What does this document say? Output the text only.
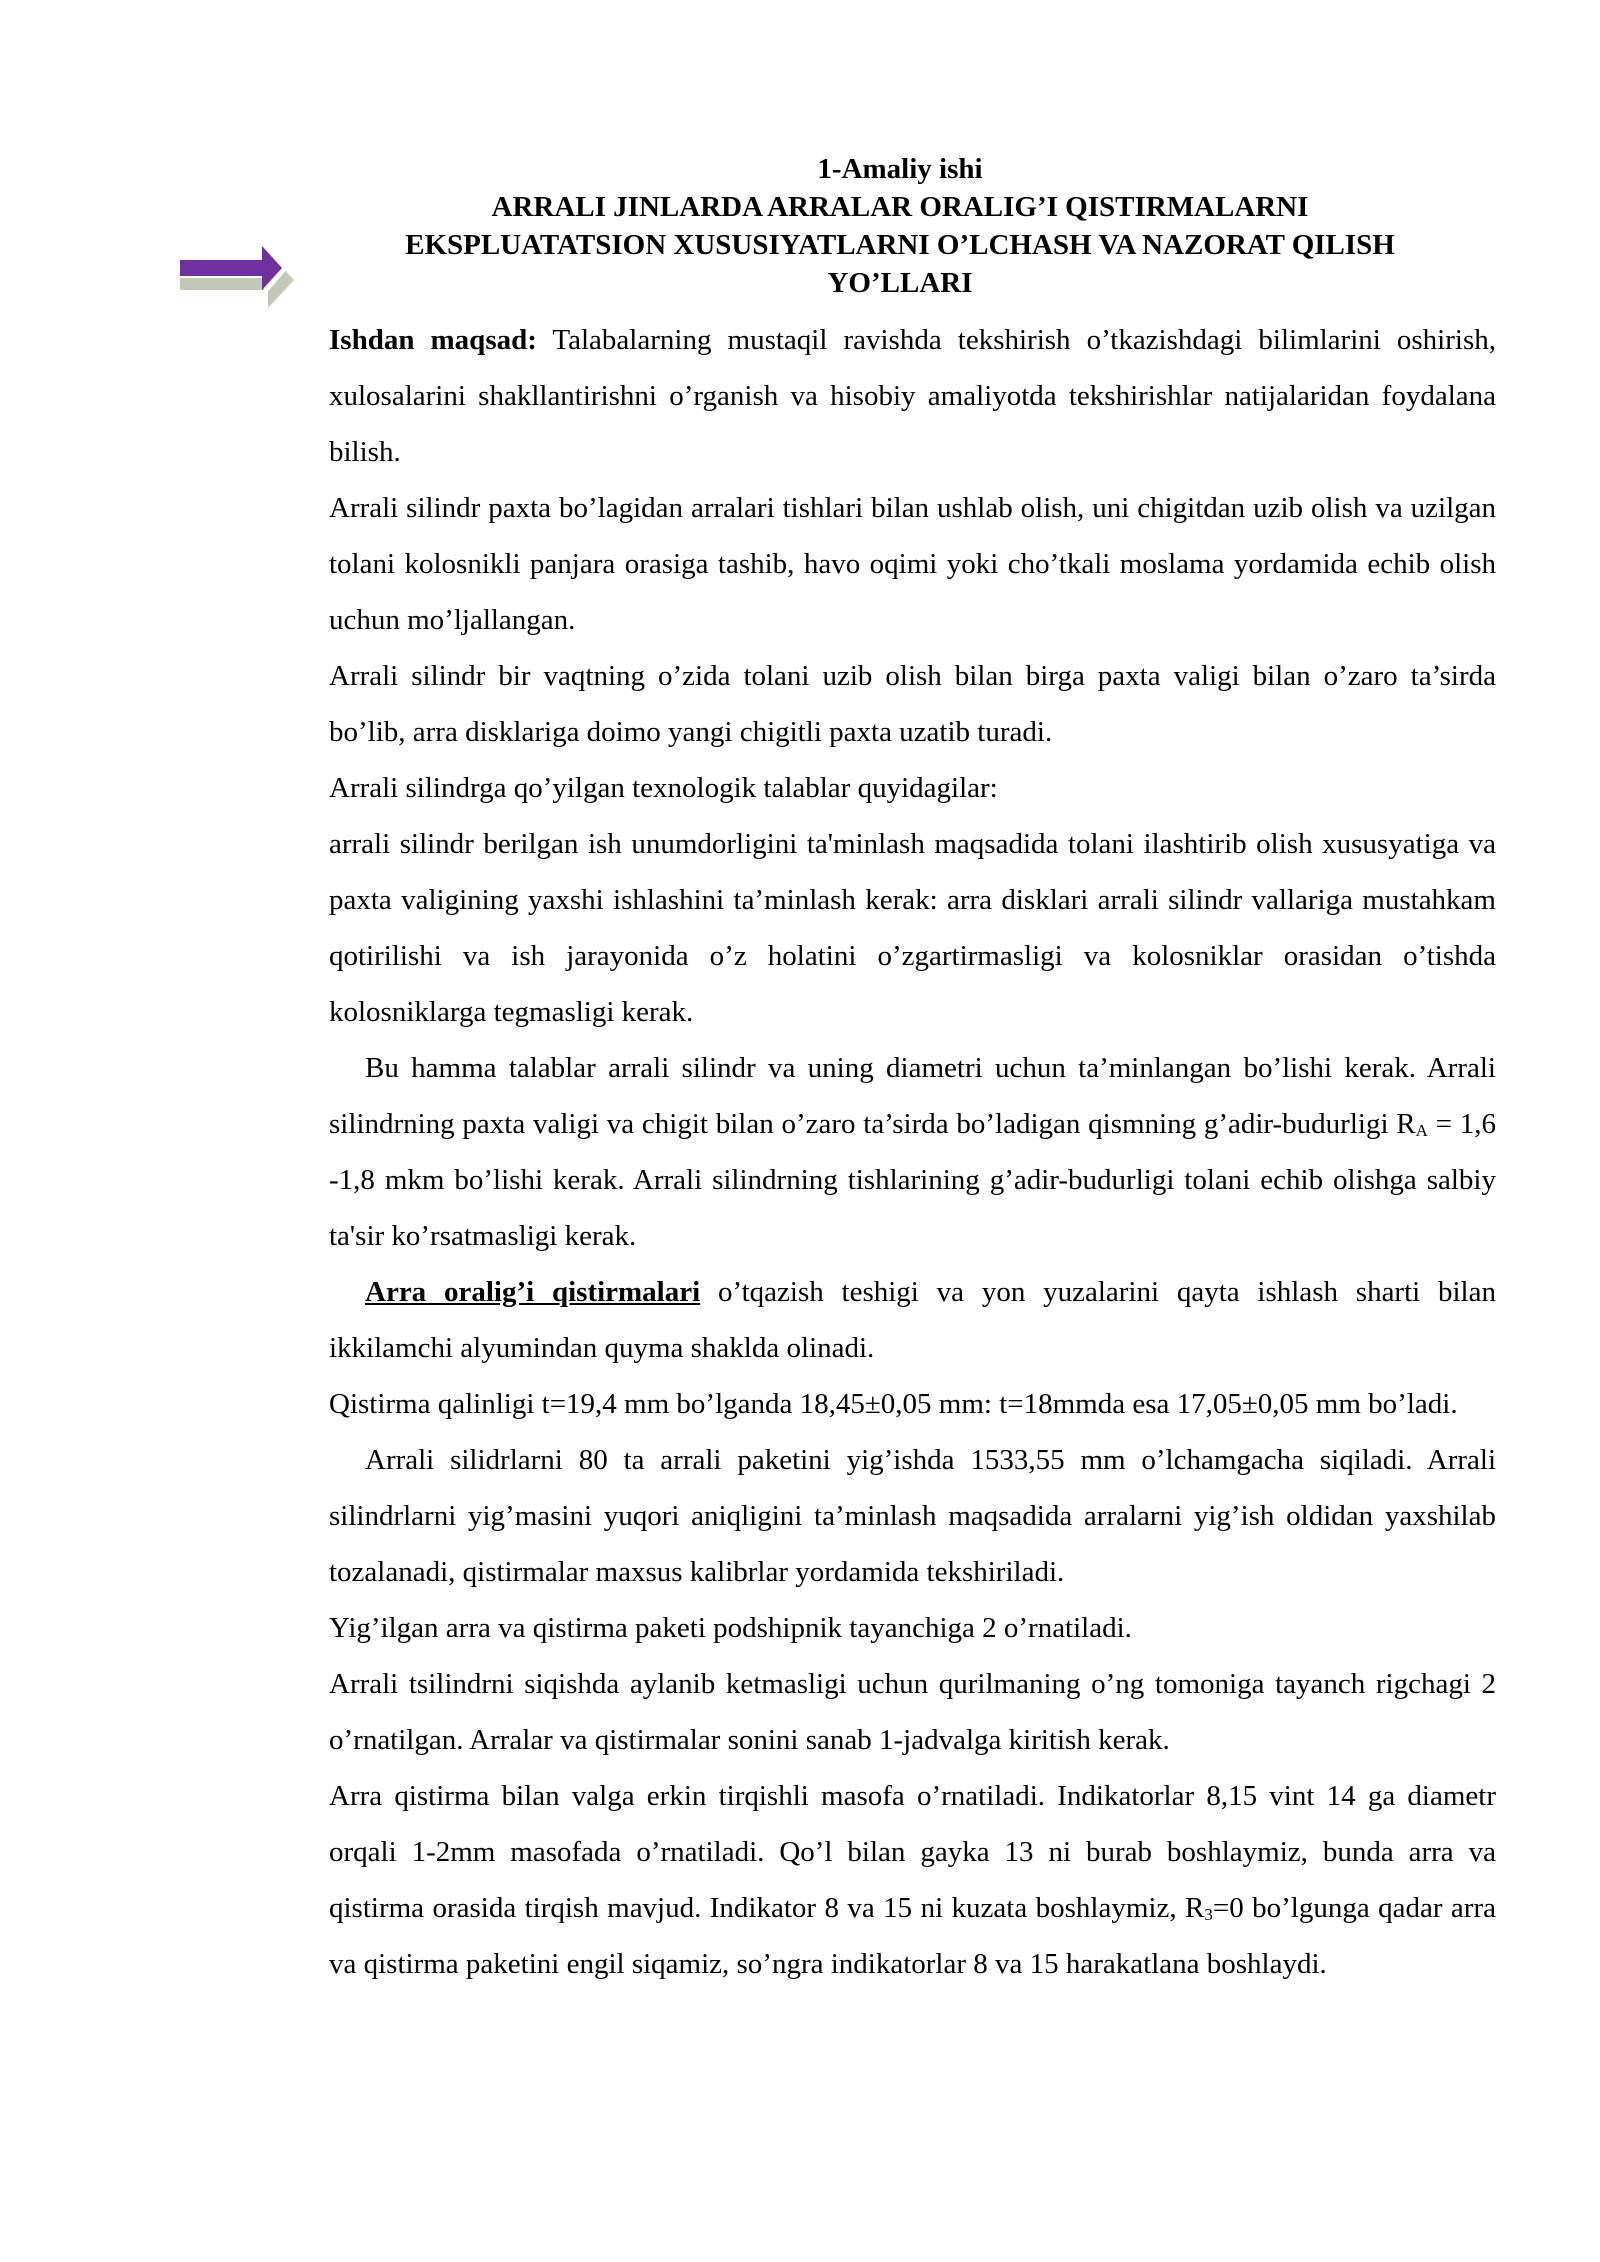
1-Amaliy ishi
ARRALI JINLARDA ARRALAR ORALIG’I QISTIRMALARNI
EKSPLUATATSION XUSUSIYATLARNI O’LCHASH VA NAZORAT QILISH
YO’LLARI

Ishdan maqsad: Talabalarning mustaqil ravishda tekshirish o’tkazishdagi bilimlarini oshirish, xulosalarini shakllantirishni o’rganish va hisobiy amaliyotda tekshirishlar natijalaridan foydalana bilish.

Arrali silindr paxta bo’lagidan arralari tishlari bilan ushlab olish, uni chigitdan uzib olish va uzilgan tolani kolosnikli panjara orasiga tashib, havo oqimi yoki cho’tkali moslama yordamida echib olish uchun mo’ljallangan.

Arrali silindr bir vaqtning o’zida tolani uzib olish bilan birga paxta valigi bilan o’zaro ta’sirda bo’lib, arra disklariga doimo yangi chigitli paxta uzatib turadi.

Arrali silindrga qo’yilgan texnologik talablar quyidagilar:

arrali silindr berilgan ish unumdorligini ta'minlash maqsadida tolani ilashtirib olish xususyatiga va paxta valigining yaxshi ishlashini ta’minlash kerak: arra disklari arrali silindr vallariga mustahkam qotirilishi va ish jarayonida o’z holatini o’zgartirmasligi va kolosniklar orasidan o’tishda kolosniklarga tegmasligi kerak.

Bu hamma talablar arrali silindr va uning diametri uchun ta’minlangan bo’lishi kerak. Arrali silindrning paxta valigi va chigit bilan o’zaro ta’sirda bo’ladigan qismning g’adir-budurligi $R_A = 1,6$ -1,8 mkm bo’lishi kerak. Arrali silindrning tishlarining g’adir-budurligi tolani echib olishga salbiy ta'sir ko’rsatmasligi kerak.

Arra oralig’i qistirmalari o’tqazish teshigi va yon yuzalarini qayta ishlash sharti bilan ikkilamchi alyumindan quyma shaklda olinadi.

Qistirma qalinligi t=19,4 mm bo’lganda 18,45±0,05 mm: t=18mmda esa 17,05±0,05 mm bo’ladi.

Arrali silidrlarni 80 ta arrali paketini yig’ishda 1533,55 mm o’lchamgacha siqiladi. Arrali silindrlarni yig’masini yuqori aniqligini ta’minlash maqsadida arralarni yig’ish oldidan yaxshilab tozalanadi, qistirmalar maxsus kalibrlar yordamida tekshiriladi.

Yig’ilgan arra va qistirma paketi podshipnik tayanchiga 2 o’rnatiladi.

Arrali tsilindrni siqishda aylanib ketmasligi uchun qurilmaning o’ng tomoniga tayanch rigchagi 2 o’rnatilgan. Arralar va qistirmalar sonini sanab 1-jadvalga kiritish kerak.

Arra qistirma bilan valga erkin tirqishli masofa o’rnatiladi. Indikatorlar 8,15 vint 14 ga diametr orqali 1-2mm masofada o’rnatiladi. Qo’l bilan gayka 13 ni burab boshlaymiz, bunda arra va qistirma orasida tirqish mavjud. Indikator 8 va 15 ni kuzata boshlaymiz, $R_3=0$ bo’lgunga qadar arra va qistirma paketini engil siqamiz, so’ngra indikatorlar 8 va 15 harakatlana boshlaydi.
